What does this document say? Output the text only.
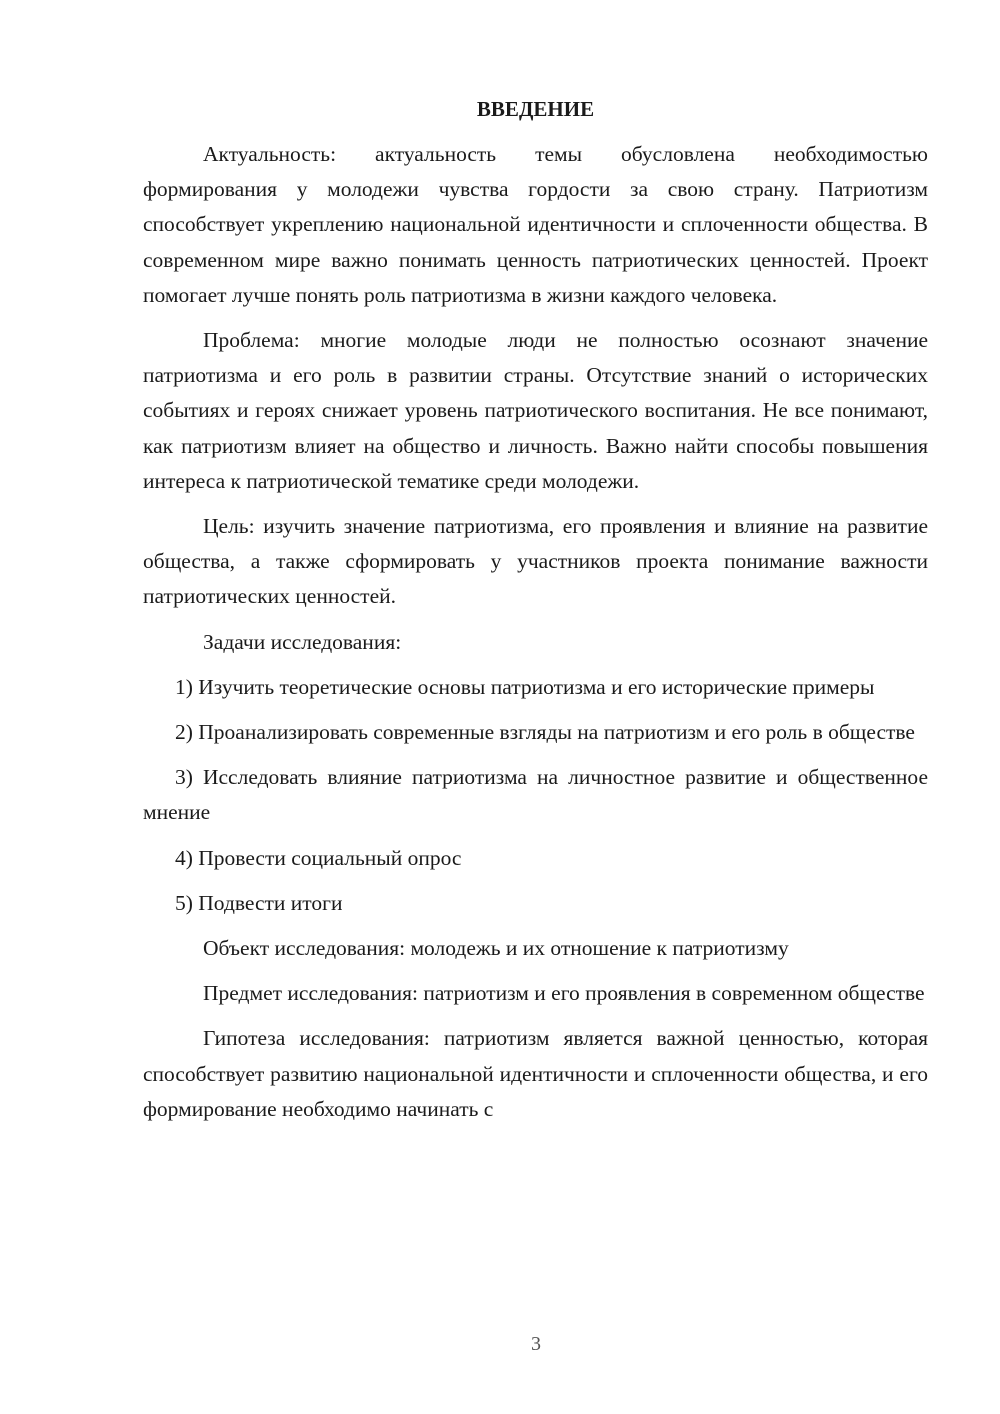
ВВЕДЕНИЕ

Актуальность: актуальность темы обусловлена необходимостью формирования у молодежи чувства гордости за свою страну. Патриотизм способствует укреплению национальной идентичности и сплоченности общества. В современном мире важно понимать ценность патриотических ценностей. Проект помогает лучше понять роль патриотизма в жизни каждого человека.

Проблема: многие молодые люди не полностью осознают значение патриотизма и его роль в развитии страны. Отсутствие знаний о исторических событиях и героях снижает уровень патриотического воспитания. Не все понимают, как патриотизм влияет на общество и личность. Важно найти способы повышения интереса к патриотической тематике среди молодежи.

Цель: изучить значение патриотизма, его проявления и влияние на развитие общества, а также сформировать у участников проекта понимание важности патриотических ценностей.

Задачи исследования:

1) Изучить теоретические основы патриотизма и его исторические примеры

2) Проанализировать современные взгляды на патриотизм и его роль в обществе

3) Исследовать влияние патриотизма на личностное развитие и общественное мнение

4) Провести социальный опрос

5) Подвести итоги

Объект исследования: молодежь и их отношение к патриотизму

Предмет исследования: патриотизм и его проявления в современном обществе

Гипотеза исследования: патриотизм является важной ценностью, которая способствует развитию национальной идентичности и сплоченности общества, и его формирование необходимо начинать с

3
